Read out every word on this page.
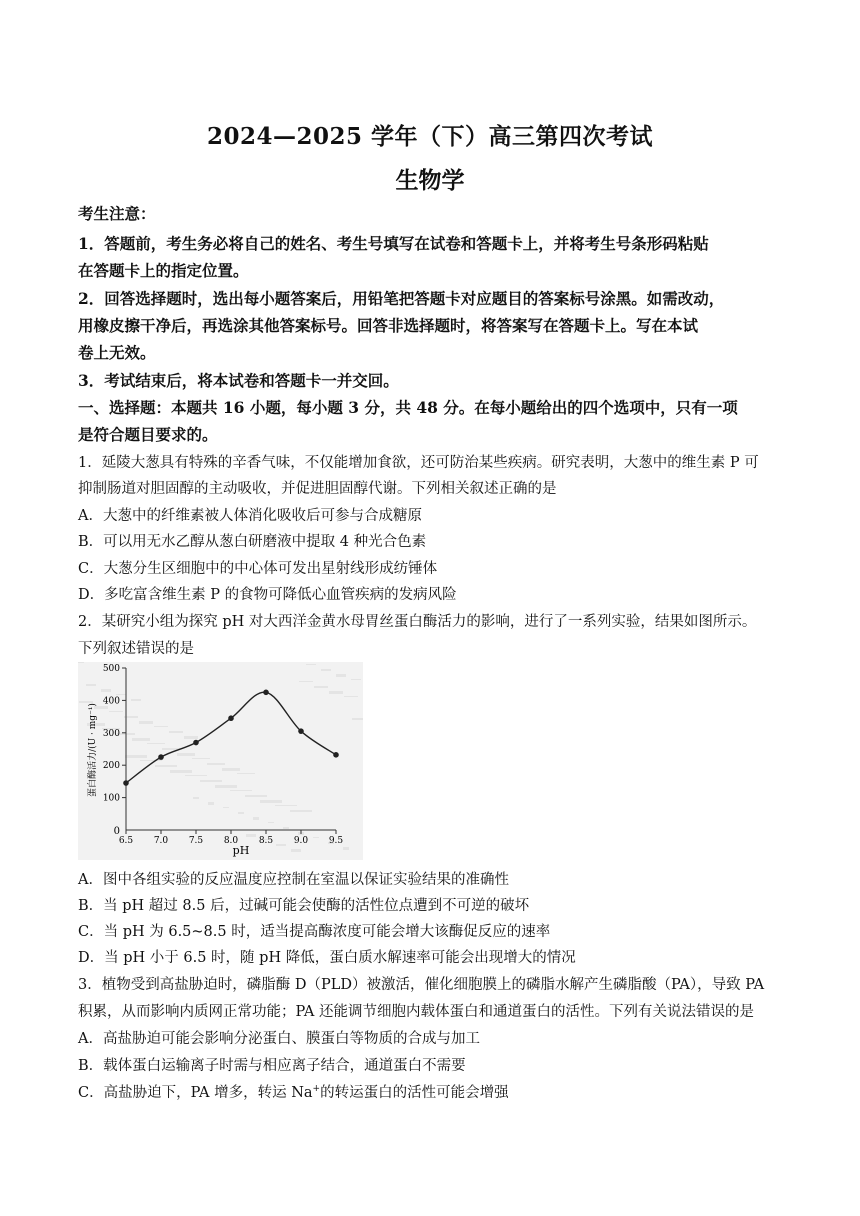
2024—2025 学年（下）高三第四次考试
生物学
考生注意：
1．答题前，考生务必将自己的姓名、考生号填写在试卷和答题卡上，并将考生号条形码粘贴
在答题卡上的指定位置。
2．回答选择题时，选出每小题答案后，用铅笔把答题卡对应题目的答案标号涂黑。如需改动，
用橡皮擦干净后，再选涂其他答案标号。回答非选择题时，将答案写在答题卡上。写在本试
卷上无效。
3．考试结束后，将本试卷和答题卡一并交回。
一、选择题：本题共 16 小题，每小题 3 分，共 48 分。在每小题给出的四个选项中，只有一项
是符合题目要求的。
1．延陵大葱具有特殊的辛香气味，不仅能增加食欲，还可防治某些疾病。研究表明，大葱中的维生素 P 可
抑制肠道对胆固醇的主动吸收，并促进胆固醇代谢。下列相关叙述正确的是
A．大葱中的纤维素被人体消化吸收后可参与合成糖原
B．可以用无水乙醇从葱白研磨液中提取 4 种光合色素
C．大葱分生区细胞中的中心体可发出星射线形成纺锤体
D．多吃富含维生素 P 的食物可降低心血管疾病的发病风险
2．某研究小组为探究 pH 对大西洋金黄水母胃丝蛋白酶活力的影响，进行了一系列实验，结果如图所示。
下列叙述错误的是
100
200
300
400
500
6.5 7.0 7.5 8.0 8.5 9.0 9.5
0
pH
蛋白酶活力/(U · mg⁻¹)
A．图中各组实验的反应温度应控制在室温以保证实验结果的准确性
B．当 pH 超过 8.5 后，过碱可能会使酶的活性位点遭到不可逆的破坏
C．当 pH 为 6.5~8.5 时，适当提高酶浓度可能会增大该酶促反应的速率
D．当 pH 小于 6.5 时，随 pH 降低，蛋白质水解速率可能会出现增大的情况
3．植物受到高盐胁迫时，磷脂酶 D（PLD）被激活，催化细胞膜上的磷脂水解产生磷脂酸（PA），导致 PA
积累，从而影响内质网正常功能；PA 还能调节细胞内载体蛋白和通道蛋白的活性。下列有关说法错误的是
A．高盐胁迫可能会影响分泌蛋白、膜蛋白等物质的合成与加工
B．载体蛋白运输离子时需与相应离子结合，通道蛋白不需要
C．高盐胁迫下，PA 增多，转运 Na+的转运蛋白的活性可能会增强
